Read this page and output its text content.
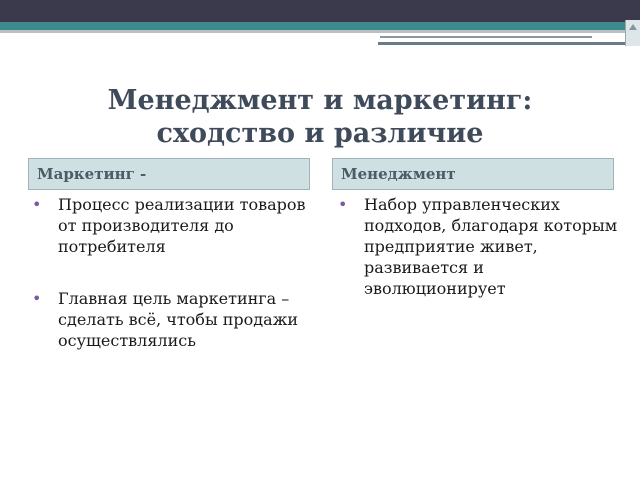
Менеджмент и маркетинг:
сходство и различие
Маркетинг -	Менеджмент
• Процесс реализации товаров от производителя до потребителя
• Главная цель маркетинга – сделать всё, чтобы продажи осуществлялись
• Набор управленческих подходов, благодаря которым предприятие живет, развивается и эволюционирует
